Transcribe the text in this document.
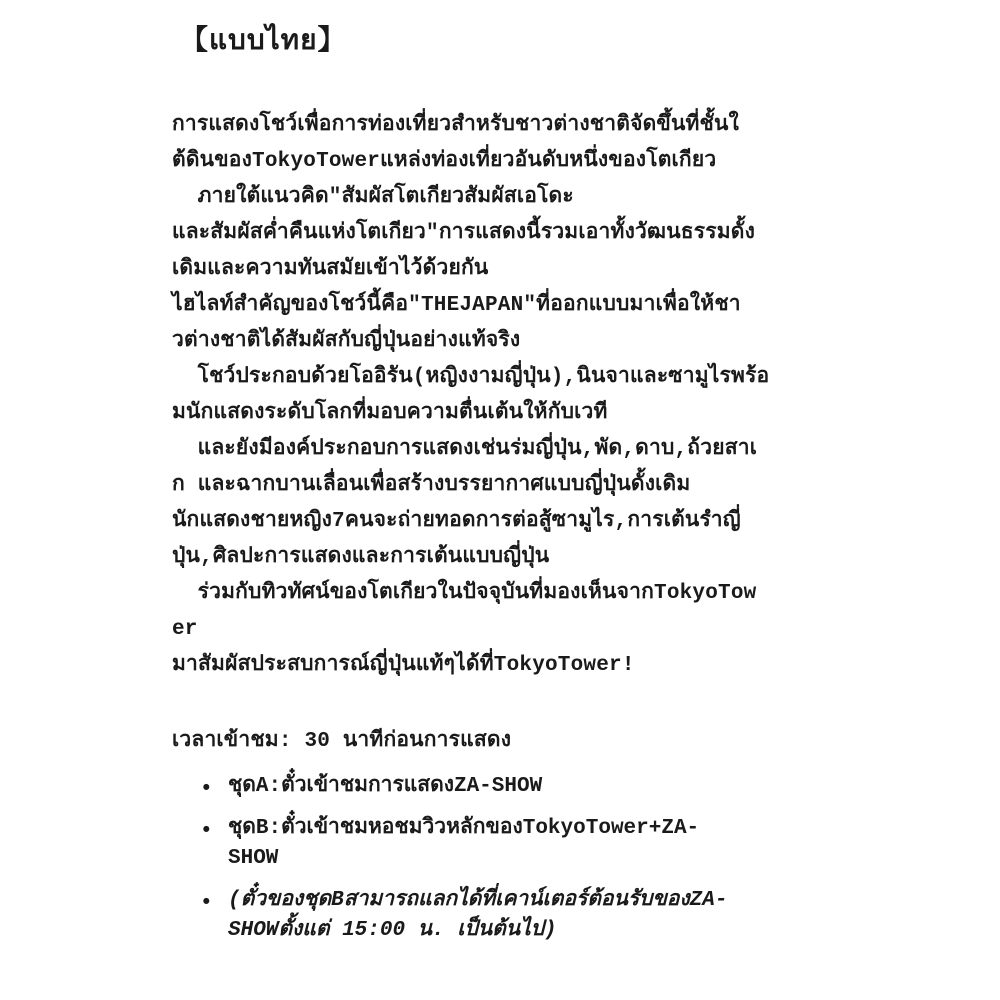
【แบบไทย】
การแสดงโชว์เพื่อการท่องเที่ยวสำหรับชาวต่างชาติจัดขึ้นที่ชั้นใ
ต้ดินของTokyoTowerแหล่งท่องเที่ยวอันดับหนึ่งของโตเกียว
ภายใต้แนวคิด"สัมผัสโตเกียวสัมผัสเอโดะ
และสัมผัสค่ำคืนแห่งโตเกียว"การแสดงนี้รวมเอาทั้งวัฒนธรรมดั้ง
เดิมและความทันสมัยเข้าไว้ด้วยกัน
ไฮไลท์สำคัญของโชว์นี้คือ"THEJAPAN"ที่ออกแบบมาเพื่อให้ชา
วต่างชาติได้สัมผัสกับญี่ปุ่นอย่างแท้จริง
โชว์ประกอบด้วยโออิรัน(หญิงงามญี่ปุ่น),นินจาและซามูไรพร้อ
มนักแสดงระดับโลกที่มอบความตื่นเต้นให้กับเวที
และยังมีองค์ประกอบการแสดงเช่นร่มญี่ปุ่น,พัด,ดาบ,ถ้วยสาเ
ก และฉากบานเลื่อนเพื่อสร้างบรรยากาศแบบญี่ปุ่นดั้งเดิม
นักแสดงชายหญิง7คนจะถ่ายทอดการต่อสู้ซามูไร,การเต้นรำญี่
ปุ่น,ศิลปะการแสดงและการเต้นแบบญี่ปุ่น
ร่วมกับทิวทัศน์ของโตเกียวในปัจจุบันที่มองเห็นจากTokyoTow
er
มาสัมผัสประสบการณ์ญี่ปุ่นแท้ๆได้ที่TokyoTower!
เวลาเข้าชม: 30 นาทีก่อนการแสดง
• ชุดA:ตั๋วเข้าชมการแสดงZA-SHOW
• ชุดB:ตั๋วเข้าชมหอชมวิวหลักของTokyoTower+ZA-
SHOW
• (ตั๋วของชุดBสามารถแลกได้ที่เคาน์เตอร์ต้อนรับของZA-
SHOWตั้งแต่ 15:00 น. เป็นต้นไป)
